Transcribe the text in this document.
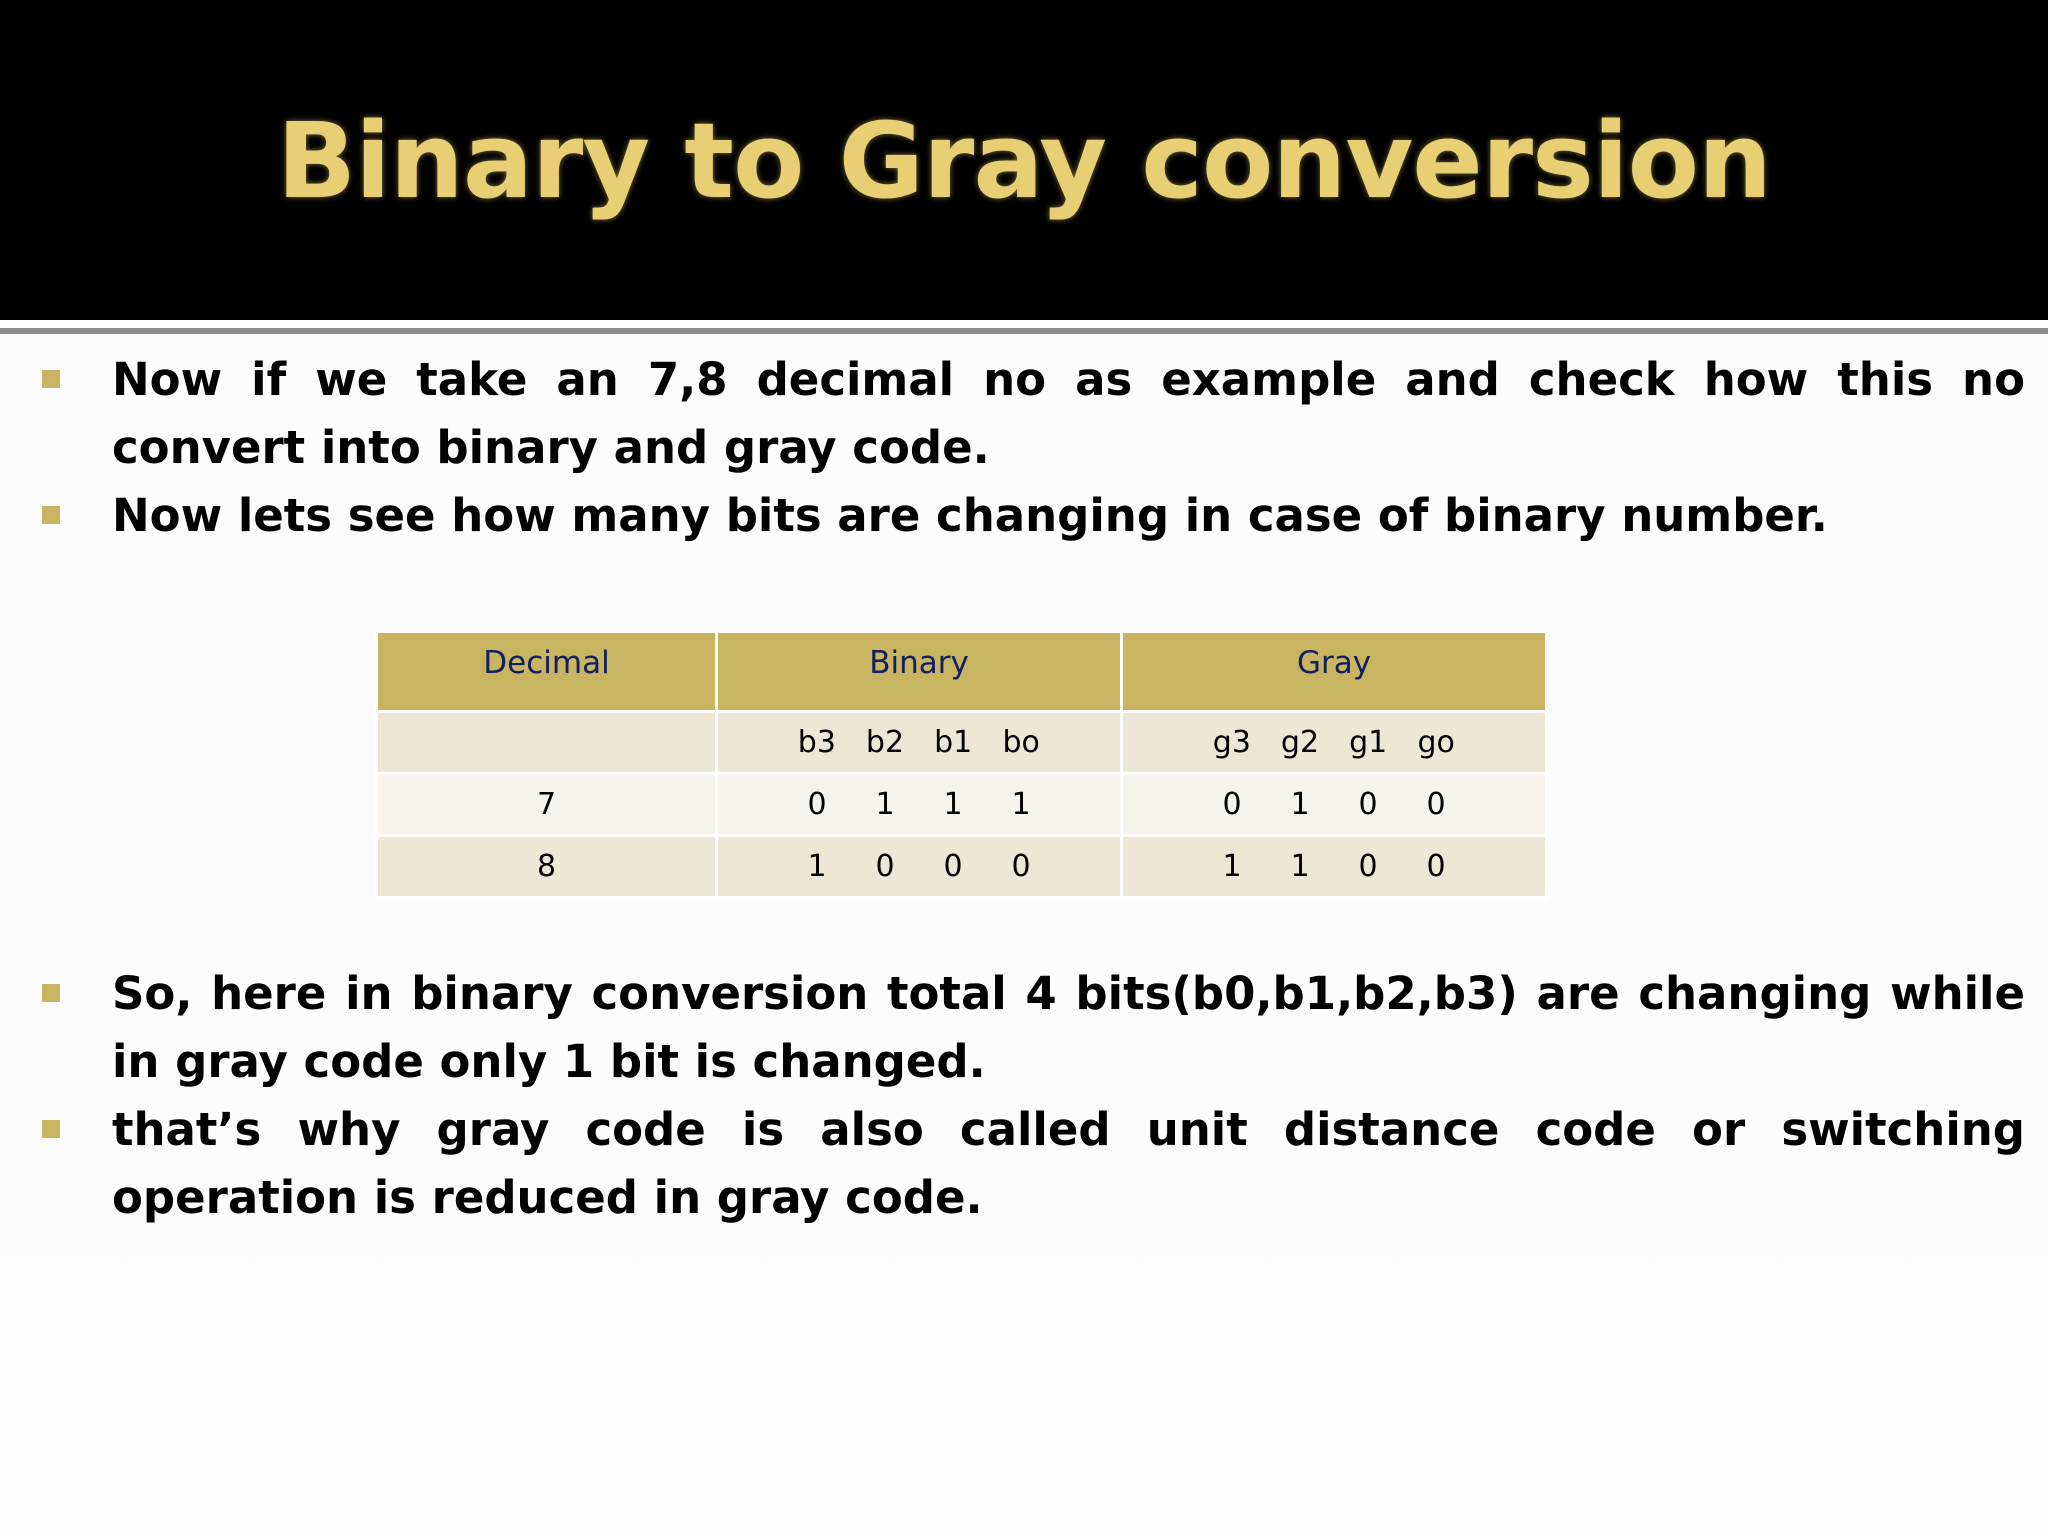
Binary to Gray conversion
Now if we take an 7,8 decimal no as example and check how this no convert into binary and gray code.
Now lets see how many bits are changing in case of binary number.
Decimal	Binary	Gray

	b3 b2 b1 bo	g3 g2 g1 go

7	0 1 1 1	0 1 0 0

8	1 0 0 0	1 1 0 0
So, here in binary conversion total 4 bits(b0,b1,b2,b3) are changing while in gray code only 1 bit is changed.
that’s why gray code is also called unit distance code or switching operation is reduced in gray code.
